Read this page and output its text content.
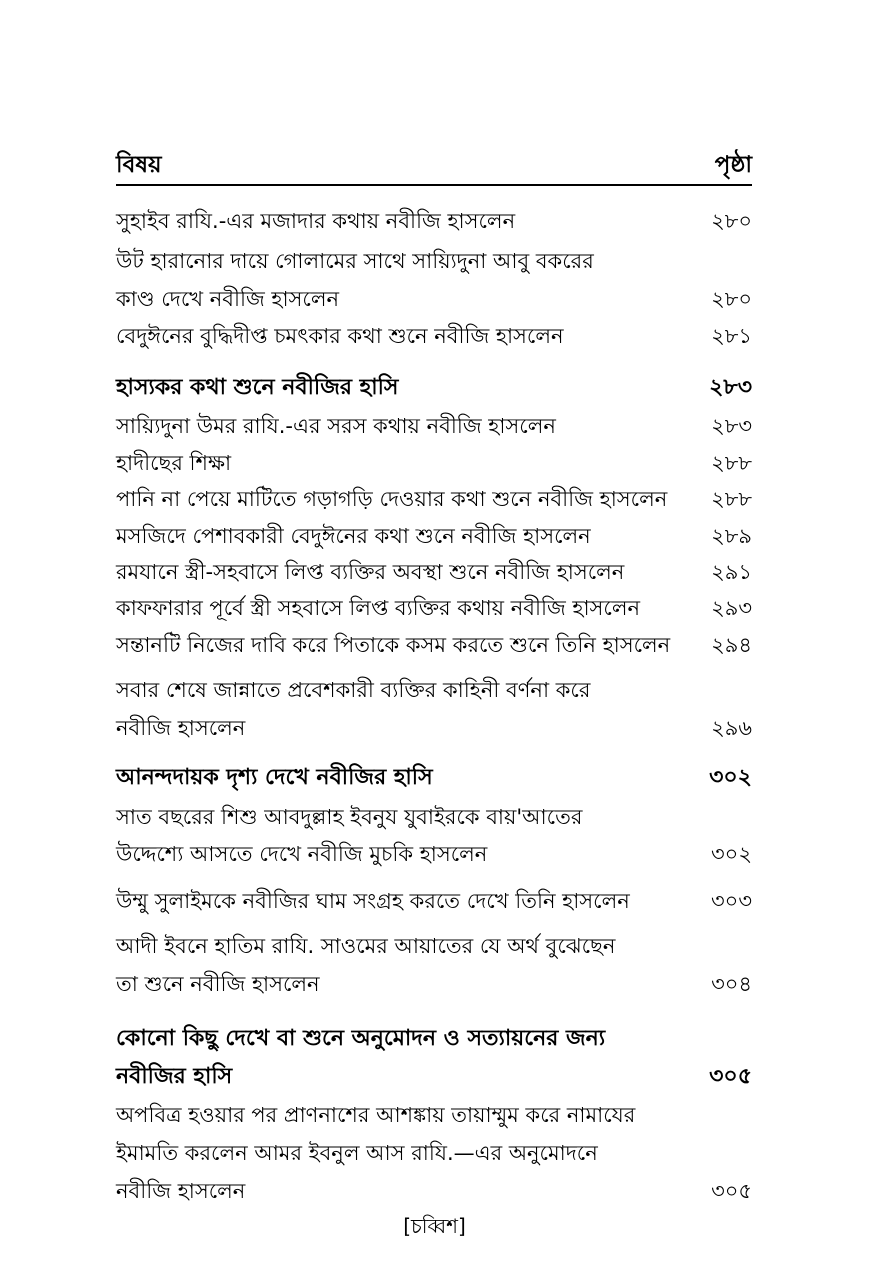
বিষয়	পৃষ্ঠা
সুহাইব রাযি.-এর মজাদার কথায় নবীজি হাসলেন	২৮০
উট হারানোর দায়ে গোলামের সাথে সায়্যিদুনা আবু বকরের
কাণ্ড দেখে নবীজি হাসলেন	২৮০
বেদুঈনের বুদ্ধিদীপ্ত চমৎকার কথা শুনে নবীজি হাসলেন	২৮১
হাস্যকর কথা শুনে নবীজির হাসি	২৮৩
সায়্যিদুনা উমর রাযি.-এর সরস কথায় নবীজি হাসলেন	২৮৩
হাদীছের শিক্ষা	২৮৮
পানি না পেয়ে মাটিতে গড়াগড়ি দেওয়ার কথা শুনে নবীজি হাসলেন ২৮৮
মসজিদে পেশাবকারী বেদুঈনের কথা শুনে নবীজি হাসলেন	২৮৯
রমযানে স্ত্রী-সহবাসে লিপ্ত ব্যক্তির অবস্থা শুনে নবীজি হাসলেন	২৯১
কাফফারার পূর্বে স্ত্রী সহবাসে লিপ্ত ব্যক্তির কথায় নবীজি হাসলেন	২৯৩
সন্তানটি নিজের দাবি করে পিতাকে কসম করতে শুনে তিনি হাসলেন ২৯৪
সবার শেষে জান্নাতে প্রবেশকারী ব্যক্তির কাহিনী বর্ণনা করে
নবীজি হাসলেন	২৯৬
আনন্দদায়ক দৃশ্য দেখে নবীজির হাসি	৩০২
সাত বছরের শিশু আবদুল্লাহ ইবনুয যুবাইরকে বায়'আতের
উদ্দেশ্যে আসতে দেখে নবীজি মুচকি হাসলেন	৩০২
উম্মু সুলাইমকে নবীজির ঘাম সংগ্রহ করতে দেখে তিনি হাসলেন	৩০৩
আদী ইবনে হাতিম রাযি. সাওমের আয়াতের যে অর্থ বুঝেছেন
তা শুনে নবীজি হাসলেন	৩০৪
কোনো কিছু দেখে বা শুনে অনুমোদন ও সত্যায়নের জন্য
নবীজির হাসি	৩০৫
অপবিত্র হওয়ার পর প্রাণনাশের আশঙ্কায় তায়াম্মুম করে নামাযের
ইমামতি করলেন আমর ইবনুল আস রাযি.—এর অনুমোদনে
নবীজি হাসলেন	৩০৫
[চব্বিশ]
